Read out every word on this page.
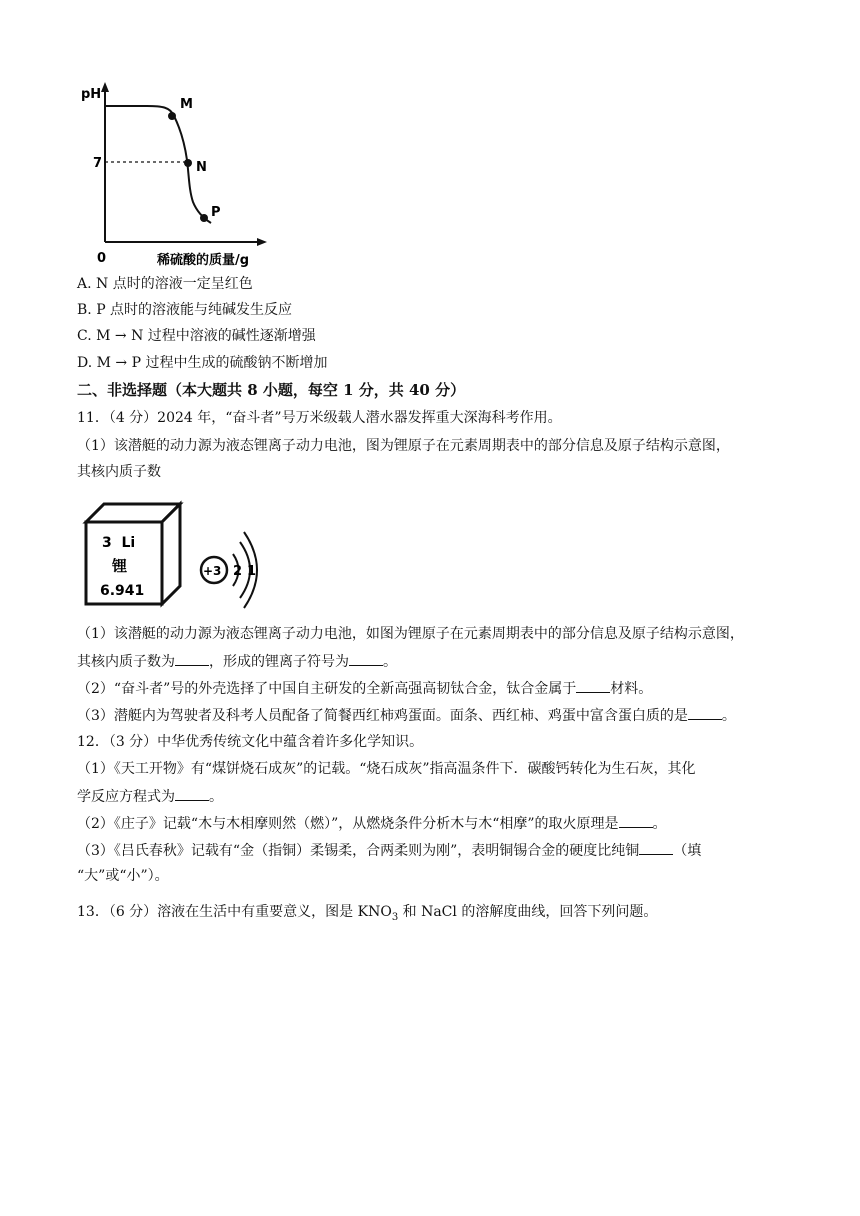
pH
7
0
M
N
P
稀硫酸的质量/g
A. N 点时的溶液一定呈红色
B. P 点时的溶液能与纯碱发生反应
C. M → N 过程中溶液的碱性逐渐增强
D. M → P 过程中生成的硫酸钠不断增加
二、非选择题（本大题共 8 小题，每空 1 分，共 40 分）
11．（4 分）2024 年，“奋斗者”号万米级载人潜水器发挥重大深海科考作用。
（1）该潜艇的动力源为液态锂离子动力电池，图为锂原子在元素周期表中的部分信息及原子结构示意图，
其核内质子数
3  Li
锂
6.941
+3 2 1
（1）该潜艇的动力源为液态锂离子动力电池，如图为锂原子在元素周期表中的部分信息及原子结构示意图，
其核内质子数为 ，形成的锂离子符号为 。
（2）“奋斗者”号的外壳选择了中国自主研发的全新高强高韧钛合金，钛合金属于 材料。
（3）潜艇内为驾驶者及科考人员配备了简餐西红柿鸡蛋面。面条、西红柿、鸡蛋中富含蛋白质的是 。
12．（3 分）中华优秀传统文化中蕴含着许多化学知识。
（1）《天工开物》有“煤饼烧石成灰”的记载。“烧石成灰”指高温条件下．碳酸钙转化为生石灰，其化
学反应方程式为 。
（2）《庄子》记载“木与木相摩则然（燃）”，从燃烧条件分析木与木“相摩”的取火原理是 。
（3）《吕氏春秋》记载有“金（指铜）柔锡柔，合两柔则为刚”，表明铜锡合金的硬度比纯铜 （填
“大”或“小”）。
13．（6 分）溶液在生活中有重要意义，图是 $KNO_3$ 和 NaCl 的溶解度曲线，回答下列问题。
